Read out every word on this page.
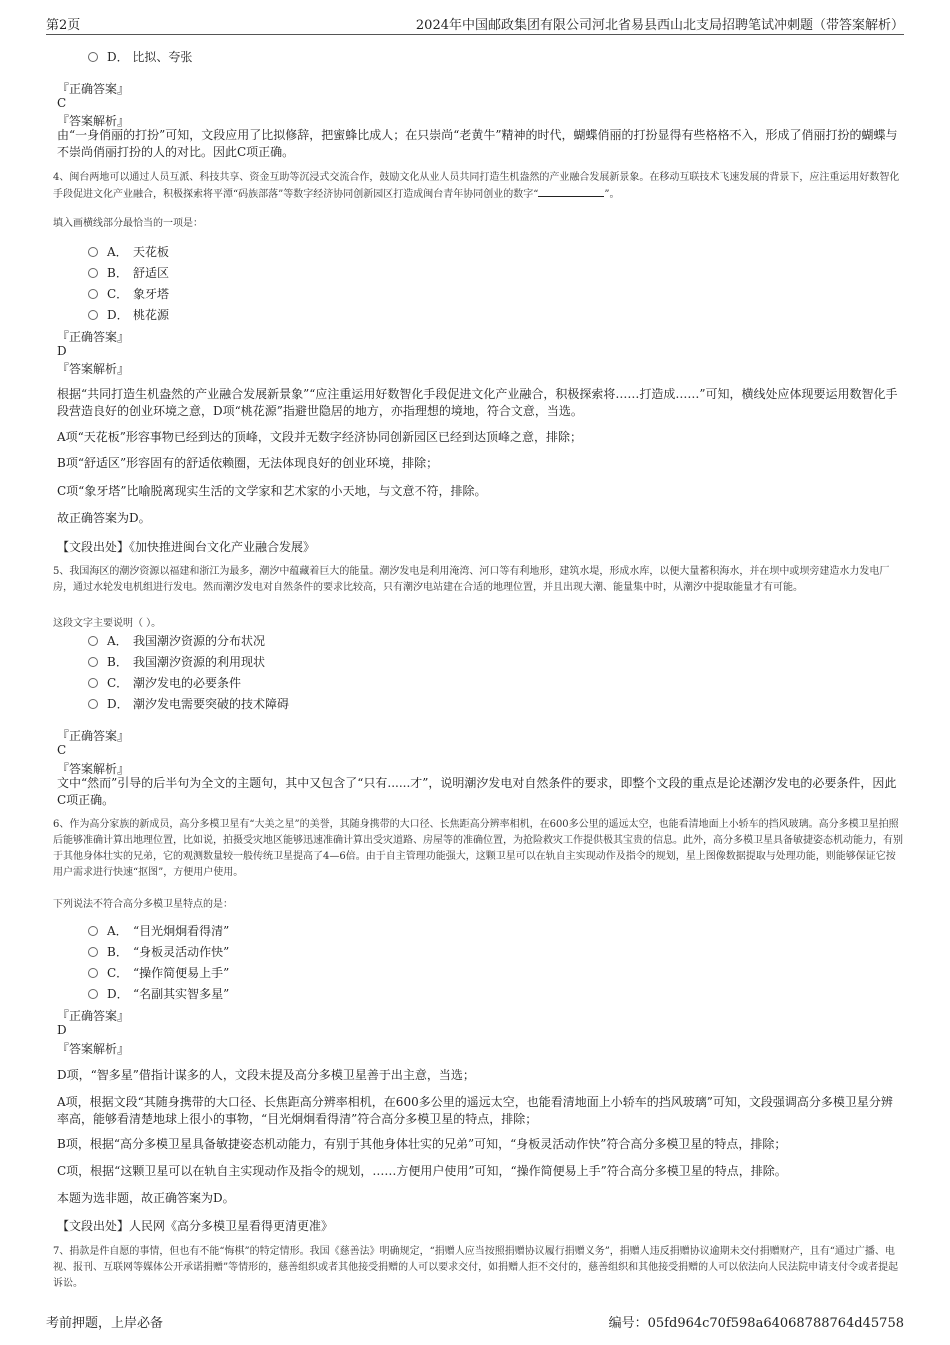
第2页	2024年中国邮政集团有限公司河北省易县西山北支局招聘笔试冲刺题（带答案解析）
D． 比拟、夸张
『正确答案』
C
『答案解析』
由“一身俏丽的打扮”可知，文段应用了比拟修辞，把蜜蜂比成人；在只崇尚“老黄牛”精神的时代，蝴蝶俏丽的打扮显得有些格格不入，形成了俏丽打扮的蝴蝶与不崇尚俏丽打扮的人的对比。因此C项正确。
4、闽台两地可以通过人员互派、科技共享、资金互助等沉浸式交流合作，鼓励文化从业人员共同打造生机盎然的产业融合发展新景象。在移动互联技术飞速发展的背景下，应注重运用好数智化手段促进文化产业融合，积极探索将平潭“码族部落”等数字经济协同创新园区打造成闽台青年协同创业的数字“	”。
填入画横线部分最恰当的一项是：
A． 天花板
B． 舒适区
C． 象牙塔
D． 桃花源
『正确答案』
D
『答案解析』
根据“共同打造生机盎然的产业融合发展新景象”“应注重运用好数智化手段促进文化产业融合，积极探索将……打造成……”可知，横线处应体现要运用数智化手段营造良好的创业环境之意，D项“桃花源”指避世隐居的地方，亦指理想的境地，符合文意，当选。
A项“天花板”形容事物已经到达的顶峰，文段并无数字经济协同创新园区已经到达顶峰之意，排除；
B项“舒适区”形容固有的舒适依赖圈，无法体现良好的创业环境，排除；
C项“象牙塔”比喻脱离现实生活的文学家和艺术家的小天地，与文意不符，排除。
故正确答案为D。
【文段出处】《加快推进闽台文化产业融合发展》
5、我国海区的潮汐资源以福建和浙江为最多，潮汐中蕴藏着巨大的能量。潮汐发电是利用淹湾、河口等有利地形，建筑水堤，形成水库，以便大量蓄积海水，并在坝中或坝旁建造水力发电厂房，通过水轮发电机组进行发电。然而潮汐发电对自然条件的要求比较高，只有潮汐电站建在合适的地理位置，并且出现大潮、能量集中时，从潮汐中提取能量才有可能。
这段文字主要说明（ ）。
A． 我国潮汐资源的分布状况
B． 我国潮汐资源的利用现状
C． 潮汐发电的必要条件
D． 潮汐发电需要突破的技术障碍
『正确答案』
C
『答案解析』
文中“然而”引导的后半句为全文的主题句，其中又包含了“只有......才”，说明潮汐发电对自然条件的要求，即整个文段的重点是论述潮汐发电的必要条件，因此C项正确。
6、作为高分家族的新成员，高分多模卫星有“大美之星”的美誉，其随身携带的大口径、长焦距高分辨率相机，在600多公里的遥远太空，也能看清地面上小轿车的挡风玻璃。高分多模卫星拍照后能够准确计算出地理位置，比如说，拍摄受灾地区能够迅速准确计算出受灾道路、房屋等的准确位置，为抢险救灾工作提供极其宝贵的信息。此外，高分多模卫星具备敏捷姿态机动能力，有别于其他身体壮实的兄弟，它的观测数量较一般传统卫星提高了4—6倍。由于自主管理功能强大，这颗卫星可以在轨自主实现动作及指令的规划，星上图像数据提取与处理功能，则能够保证它按用户需求进行快速“抠图”，方便用户使用。
下列说法不符合高分多模卫星特点的是：
A． “目光炯炯看得清”
B． “身板灵活动作快”
C． “操作简便易上手”
D． “名副其实智多星”
『正确答案』
D
『答案解析』
D项，“智多星”借指计谋多的人，文段未提及高分多模卫星善于出主意，当选；
A项，根据文段“其随身携带的大口径、长焦距高分辨率相机，在600多公里的遥远太空，也能看清地面上小轿车的挡风玻璃”可知，文段强调高分多模卫星分辨率高，能够看清楚地球上很小的事物，“目光炯炯看得清”符合高分多模卫星的特点，排除；
B项，根据“高分多模卫星具备敏捷姿态机动能力，有别于其他身体壮实的兄弟”可知，“身板灵活动作快”符合高分多模卫星的特点，排除；
C项，根据“这颗卫星可以在轨自主实现动作及指令的规划，……方便用户使用”可知，“操作简便易上手”符合高分多模卫星的特点，排除。
本题为选非题，故正确答案为D。
【文段出处】人民网《高分多模卫星看得更清更准》
7、捐款是件自愿的事情，但也有不能“悔棋”的特定情形。我国《慈善法》明确规定，“捐赠人应当按照捐赠协议履行捐赠义务”，捐赠人违反捐赠协议逾期未交付捐赠财产，且有“通过广播、电视、报刊、互联网等媒体公开承诺捐赠”等情形的，慈善组织或者其他接受捐赠的人可以要求交付，如捐赠人拒不交付的，慈善组织和其他接受捐赠的人可以依法向人民法院申请支付令或者提起诉讼。
考前押题，上岸必备	编号：05fd964c70f598a64068788764d45758
